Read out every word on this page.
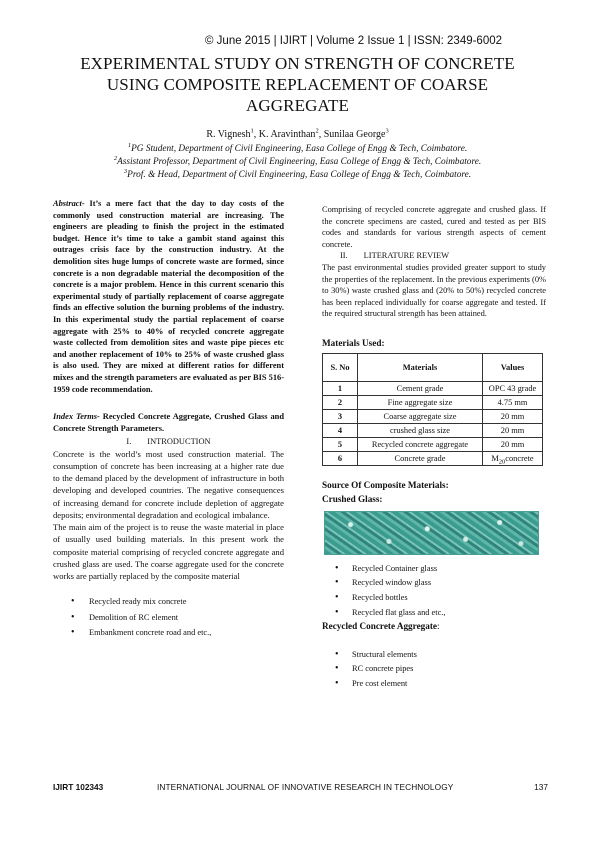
© June 2015 | IJIRT | Volume 2 Issue 1 | ISSN: 2349-6002
EXPERIMENTAL STUDY ON STRENGTH OF CONCRETE
USING COMPOSITE REPLACEMENT OF COARSE
AGGREGATE
R. Vignesh$^1$, K. Aravinthan$^2$, Sunilaa George$^3$
$^1$PG Student, Department of Civil Engineering, Easa College of Engg & Tech, Coimbatore.
$^2$Assistant Professor, Department of Civil Engineering, Easa College of Engg & Tech, Coimbatore.
$^3$Prof. & Head, Department of Civil Engineering, Easa College of Engg & Tech, Coimbatore.

Abstract- It’s a mere fact that the day to day costs of the commonly used construction material are increasing. The engineers are pleading to finish the project in the estimated budget. Hence it’s time to take a gambit stand against this outrages crisis face by the construction industry. At the demolition sites huge lumps of concrete waste are formed, since concrete is a non degradable material the decomposition of the concrete is a major problem. Hence in this current scenario this experimental study of partially replacement of coarse aggregate finds an effective solution the burning problems of the industry. In this experimental study the partial replacement of coarse aggregate with 25% to 40% of recycled concrete aggregate waste collected from demolition sites and waste pipe pieces etc and another replacement of 10% to 25% of waste crushed glass is also used. They are mixed at different ratios for different mixes and the strength parameters are evaluated as per BIS 516-1959 code recommendation.

Index Terms- Recycled Concrete Aggregate, Crushed Glass and Concrete Strength Parameters.

I. INTRODUCTION

Concrete is the world’s most used construction material. The consumption of concrete has been increasing at a higher rate due to the demand placed by the development of infrastructure in both developing and developed countries. The negative consequences of increasing demand for concrete include depletion of aggregate deposits; environmental degradation and ecological imbalance.

The main aim of the project is to reuse the waste material in place of usually used building materials. In this present work the composite material comprising of recycled concrete aggregate and crushed glass are used. The coarse aggregate used for the concrete works are partially replaced by the composite material

• Recycled ready mix concrete
• Demolition of RC element
• Embankment concrete road and etc.,

Comprising of recycled concrete aggregate and crushed glass. If the concrete specimens are casted, cured and tested as per BIS codes and standards for various strength aspects of cement concrete.

II. LITERATURE REVIEW

The past environmental studies provided greater support to study the properties of the replacement. In the previous experiments (0% to 30%) waste crushed glass and (20% to 50%) recycled concrete has been replaced individually for coarse aggregate and tested. If the required structural strength has been attained.

Materials Used:
S. No	Materials	Values
1	Cement grade	OPC 43 grade
2	Fine aggregate size	4.75 mm
3	Coarse aggregate size	20 mm
4	crushed glass size	20 mm
5	Recycled concrete aggregate	20 mm
6	Concrete grade	$M_{20}concrete$
Source Of Composite Materials:
Crushed Glass:
• Recycled Container glass
• Recycled window glass
• Recycled bottles
• Recycled flat glass and etc.,
Recycled Concrete Aggregate:
• Structural elements
• RC concrete pipes
• Pre cost element
IJIRT 102343	INTERNATIONAL JOURNAL OF INNOVATIVE RESEARCH IN TECHNOLOGY	137
